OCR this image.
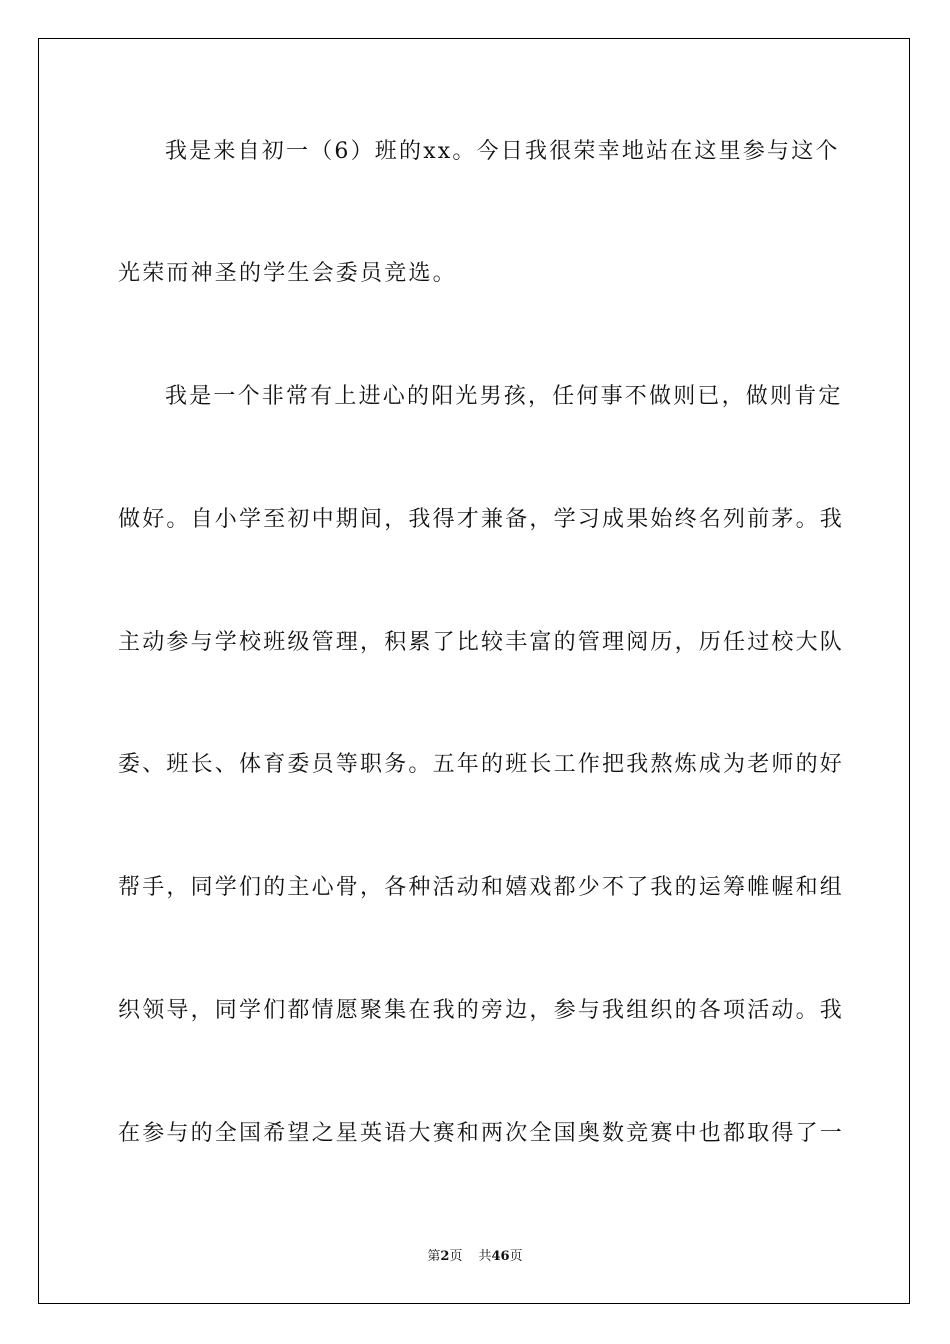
我是来自初一（6）班的xx。今日我很荣幸地站在这里参与这个
光荣而神圣的学生会委员竞选。
我是一个非常有上进心的阳光男孩，任何事不做则已，做则肯定
做好。自小学至初中期间，我得才兼备，学习成果始终名列前茅。我
主动参与学校班级管理，积累了比较丰富的管理阅历，历任过校大队
委、班长、体育委员等职务。五年的班长工作把我熬炼成为老师的好
帮手，同学们的主心骨，各种活动和嬉戏都少不了我的运筹帷幄和组
织领导，同学们都情愿聚集在我的旁边，参与我组织的各项活动。我
在参与的全国希望之星英语大赛和两次全国奥数竞赛中也都取得了一
第2页 共46页
